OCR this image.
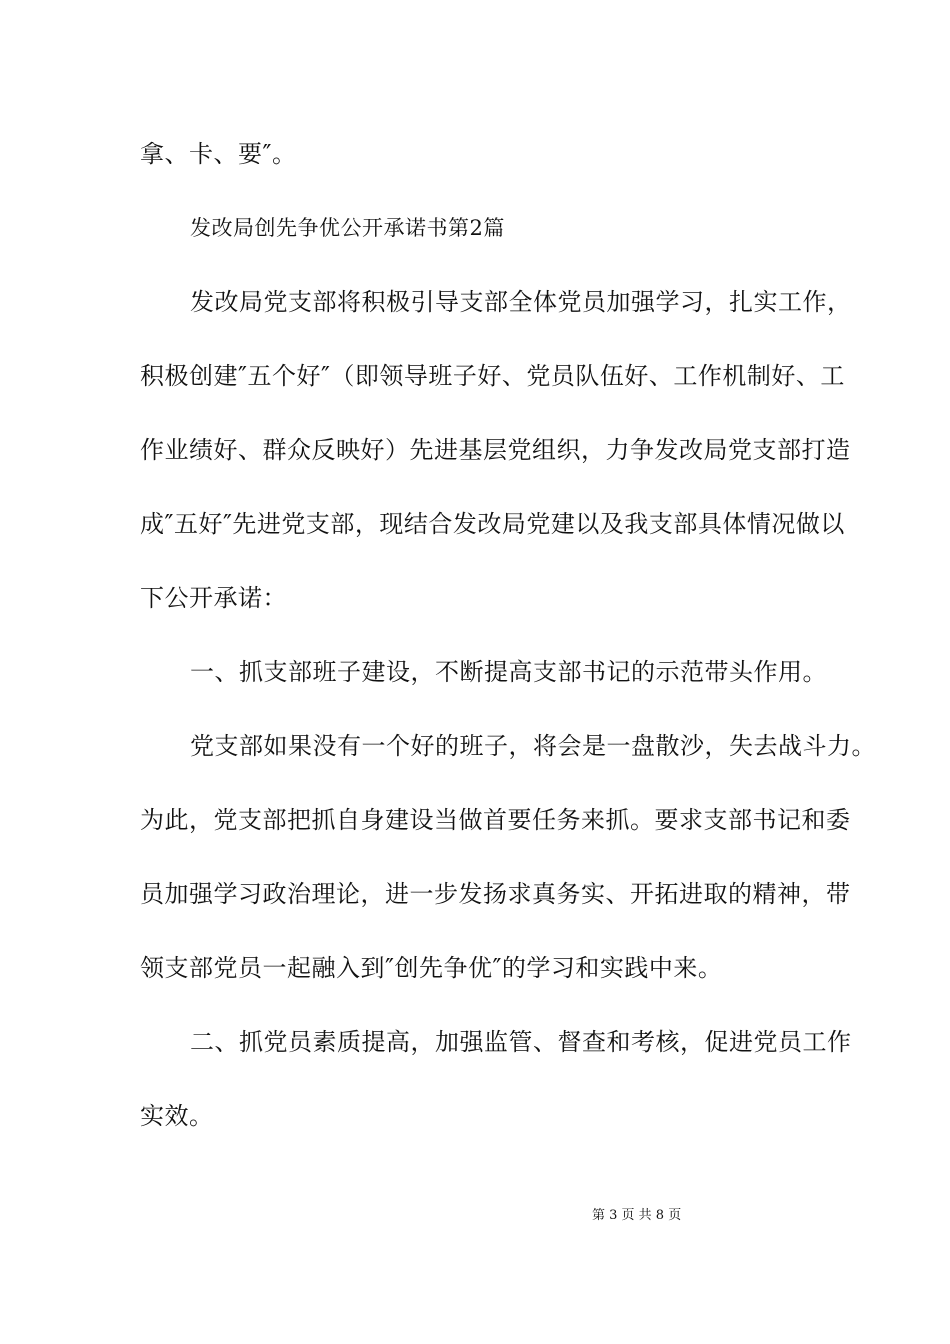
拿、卡、要″。
发改局创先争优公开承诺书第2篇
发改局党支部将积极引导支部全体党员加强学习，扎实工作，
积极创建″五个好″（即领导班子好、党员队伍好、工作机制好、工
作业绩好、群众反映好）先进基层党组织，力争发改局党支部打造
成″五好″先进党支部，现结合发改局党建以及我支部具体情况做以
下公开承诺：
一、抓支部班子建设，不断提高支部书记的示范带头作用。
党支部如果没有一个好的班子，将会是一盘散沙，失去战斗力。
为此，党支部把抓自身建设当做首要任务来抓。要求支部书记和委
员加强学习政治理论，进一步发扬求真务实、开拓进取的精神，带
领支部党员一起融入到″创先争优″的学习和实践中来。
二、抓党员素质提高，加强监管、督查和考核，促进党员工作
实效。
第 3 页 共 8 页
